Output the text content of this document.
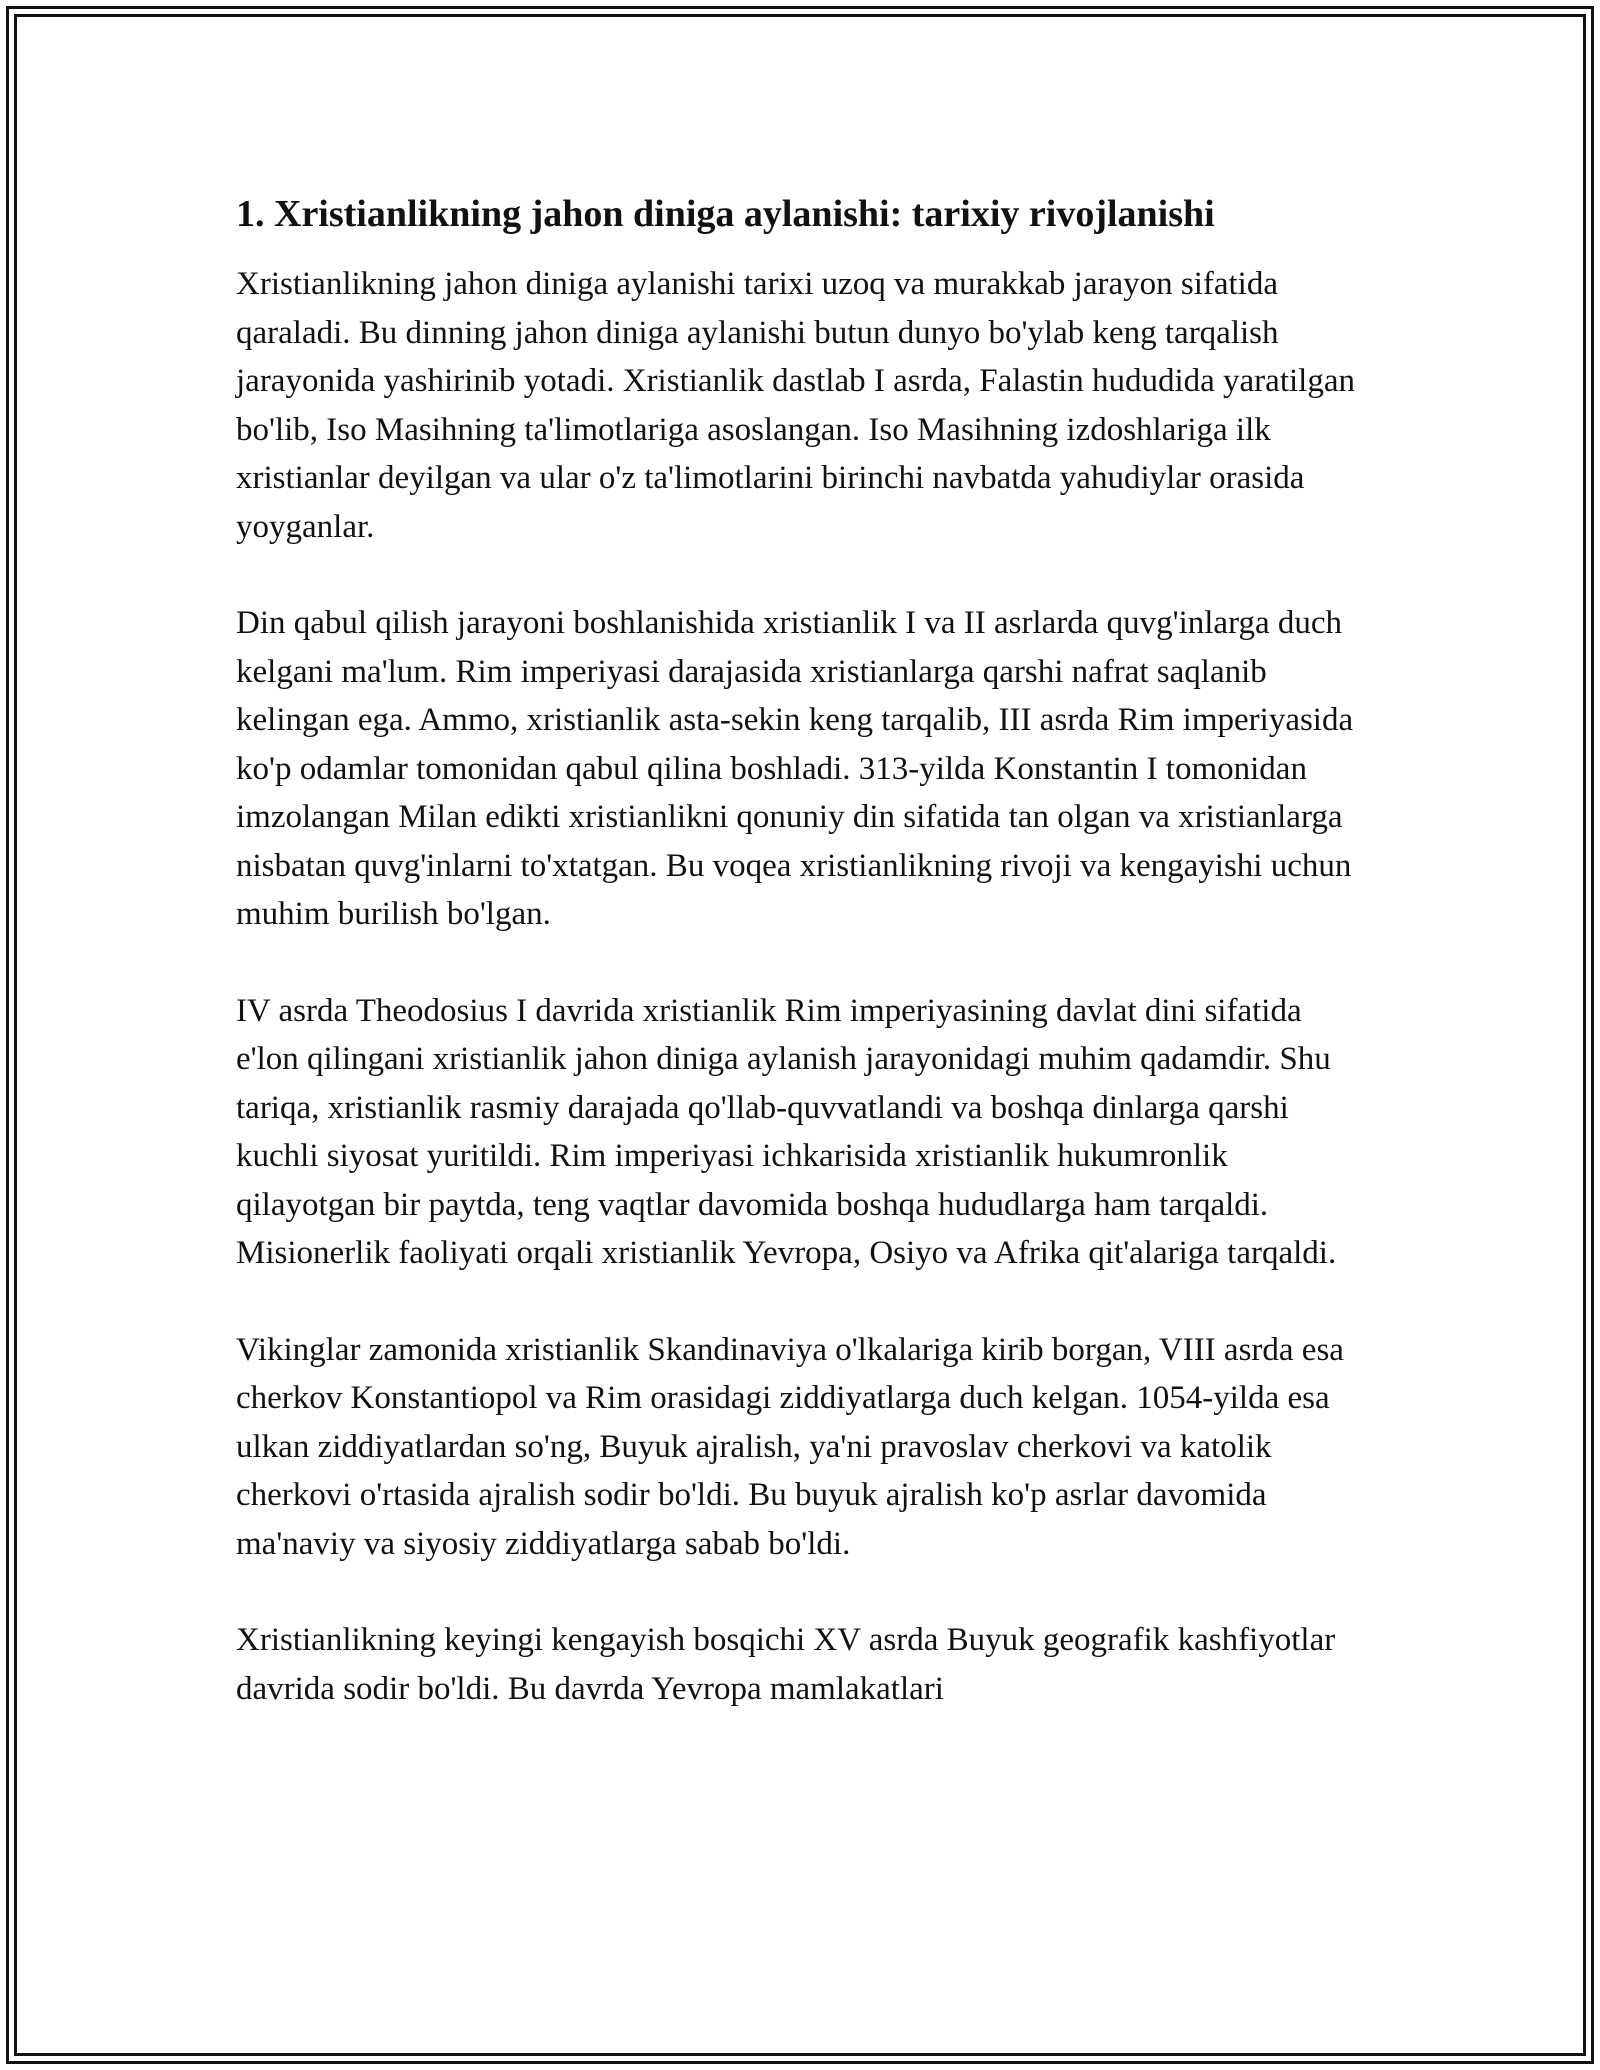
1. Xristianlikning jahon diniga aylanishi: tarixiy rivojlanishi

Xristianlikning jahon diniga aylanishi tarixi uzoq va murakkab jarayon sifatida qaraladi. Bu dinning jahon diniga aylanishi butun dunyo bo'ylab keng tarqalish jarayonida yashirinib yotadi. Xristianlik dastlab I asrda, Falastin hududida yaratilgan bo'lib, Iso Masihning ta'limotlariga asoslangan. Iso Masihning izdoshlariga ilk xristianlar deyilgan va ular o'z ta'limotlarini birinchi navbatda yahudiylar orasida yoyganlar.

Din qabul qilish jarayoni boshlanishida xristianlik I va II asrlarda quvg'inlarga duch kelgani ma'lum. Rim imperiyasi darajasida xristianlarga qarshi nafrat saqlanib kelingan ega. Ammo, xristianlik asta-sekin keng tarqalib, III asrda Rim imperiyasida ko'p odamlar tomonidan qabul qilina boshladi. 313-yilda Konstantin I tomonidan imzolangan Milan edikti xristianlikni qonuniy din sifatida tan olgan va xristianlarga nisbatan quvg'inlarni to'xtatgan. Bu voqea xristianlikning rivoji va kengayishi uchun muhim burilish bo'lgan.

IV asrda Theodosius I davrida xristianlik Rim imperiyasining davlat dini sifatida e'lon qilingani xristianlik jahon diniga aylanish jarayonidagi muhim qadamdir. Shu tariqa, xristianlik rasmiy darajada qo'llab-quvvatlandi va boshqa dinlarga qarshi kuchli siyosat yuritildi. Rim imperiyasi ichkarisida xristianlik hukumronlik qilayotgan bir paytda, teng vaqtlar davomida boshqa hududlarga ham tarqaldi. Misionerlik faoliyati orqali xristianlik Yevropa, Osiyo va Afrika qit'alariga tarqaldi.

Vikinglar zamonida xristianlik Skandinaviya o'lkalariga kirib borgan, VIII asrda esa cherkov Konstantiopol va Rim orasidagi ziddiyatlarga duch kelgan. 1054-yilda esa ulkan ziddiyatlardan so'ng, Buyuk ajralish, ya'ni pravoslav cherkovi va katolik cherkovi o'rtasida ajralish sodir bo'ldi. Bu buyuk ajralish ko'p asrlar davomida ma'naviy va siyosiy ziddiyatlarga sabab bo'ldi.

Xristianlikning keyingi kengayish bosqichi XV asrda Buyuk geografik kashfiyotlar davrida sodir bo'ldi. Bu davrda Yevropa mamlakatlari
